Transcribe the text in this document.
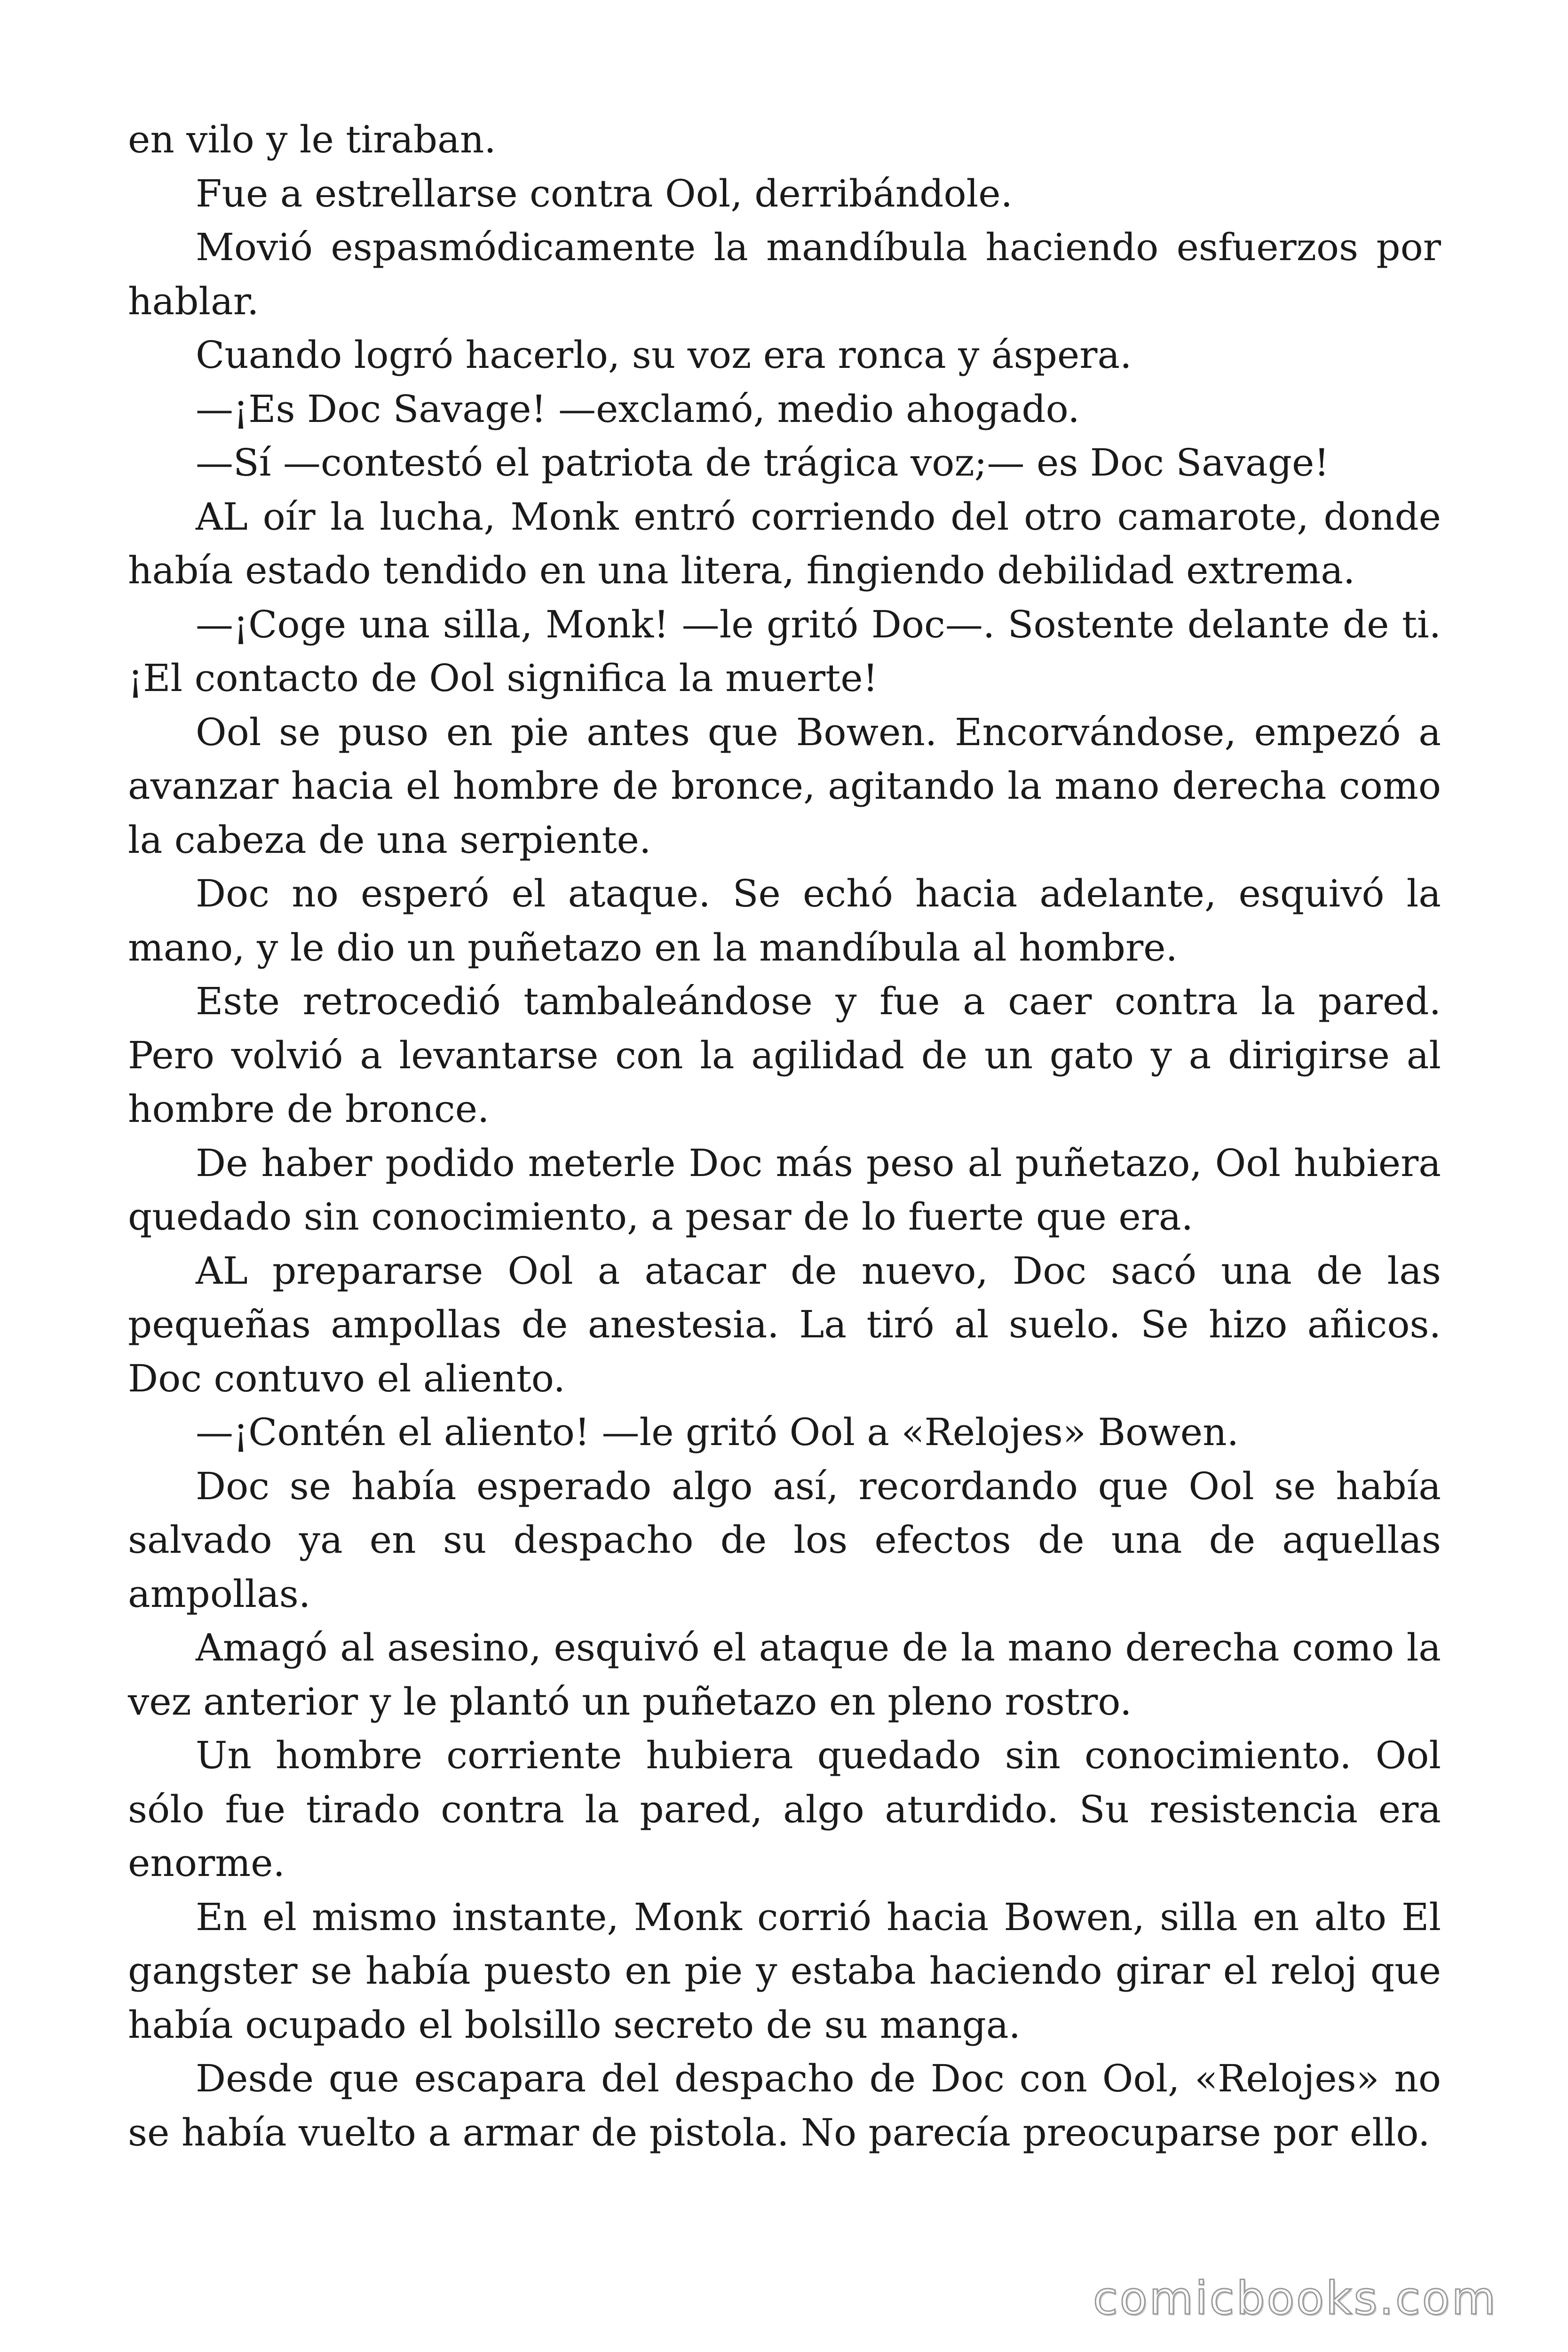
en vilo y le tiraban.

Fue a estrellarse contra Ool, derribándole.

Movió espasmódicamente la mandíbula haciendo esfuerzos por hablar.

Cuando logró hacerlo, su voz era ronca y áspera.

—¡Es Doc Savage! —exclamó, medio ahogado.

—Sí —contestó el patriota de trágica voz;— es Doc Savage!

AL oír la lucha, Monk entró corriendo del otro camarote, donde había estado tendido en una litera, fingiendo debilidad extrema.

—¡Coge una silla, Monk! —le gritó Doc—. Sostente delante de ti. ¡El contacto de Ool significa la muerte!

Ool se puso en pie antes que Bowen. Encorvándose, empezó a avanzar hacia el hombre de bronce, agitando la mano derecha como la cabeza de una serpiente.

Doc no esperó el ataque. Se echó hacia adelante, esquivó la mano, y le dio un puñetazo en la mandíbula al hombre.

Este retrocedió tambaleándose y fue a caer contra la pared. Pero volvió a levantarse con la agilidad de un gato y a dirigirse al hombre de bronce.

De haber podido meterle Doc más peso al puñetazo, Ool hubiera quedado sin conocimiento, a pesar de lo fuerte que era.

AL prepararse Ool a atacar de nuevo, Doc sacó una de las pequeñas ampollas de anestesia. La tiró al suelo. Se hizo añicos. Doc contuvo el aliento.

—¡Contén el aliento! —le gritó Ool a «Relojes» Bowen.

Doc se había esperado algo así, recordando que Ool se había salvado ya en su despacho de los efectos de una de aquellas ampollas.

Amagó al asesino, esquivó el ataque de la mano derecha como la vez anterior y le plantó un puñetazo en pleno rostro.

Un hombre corriente hubiera quedado sin conocimiento. Ool sólo fue tirado contra la pared, algo aturdido. Su resistencia era enorme.

En el mismo instante, Monk corrió hacia Bowen, silla en alto El gangster se había puesto en pie y estaba haciendo girar el reloj que había ocupado el bolsillo secreto de su manga.

Desde que escapara del despacho de Doc con Ool, «Relojes» no se había vuelto a armar de pistola. No parecía preocuparse por ello.

comicbooks.com
